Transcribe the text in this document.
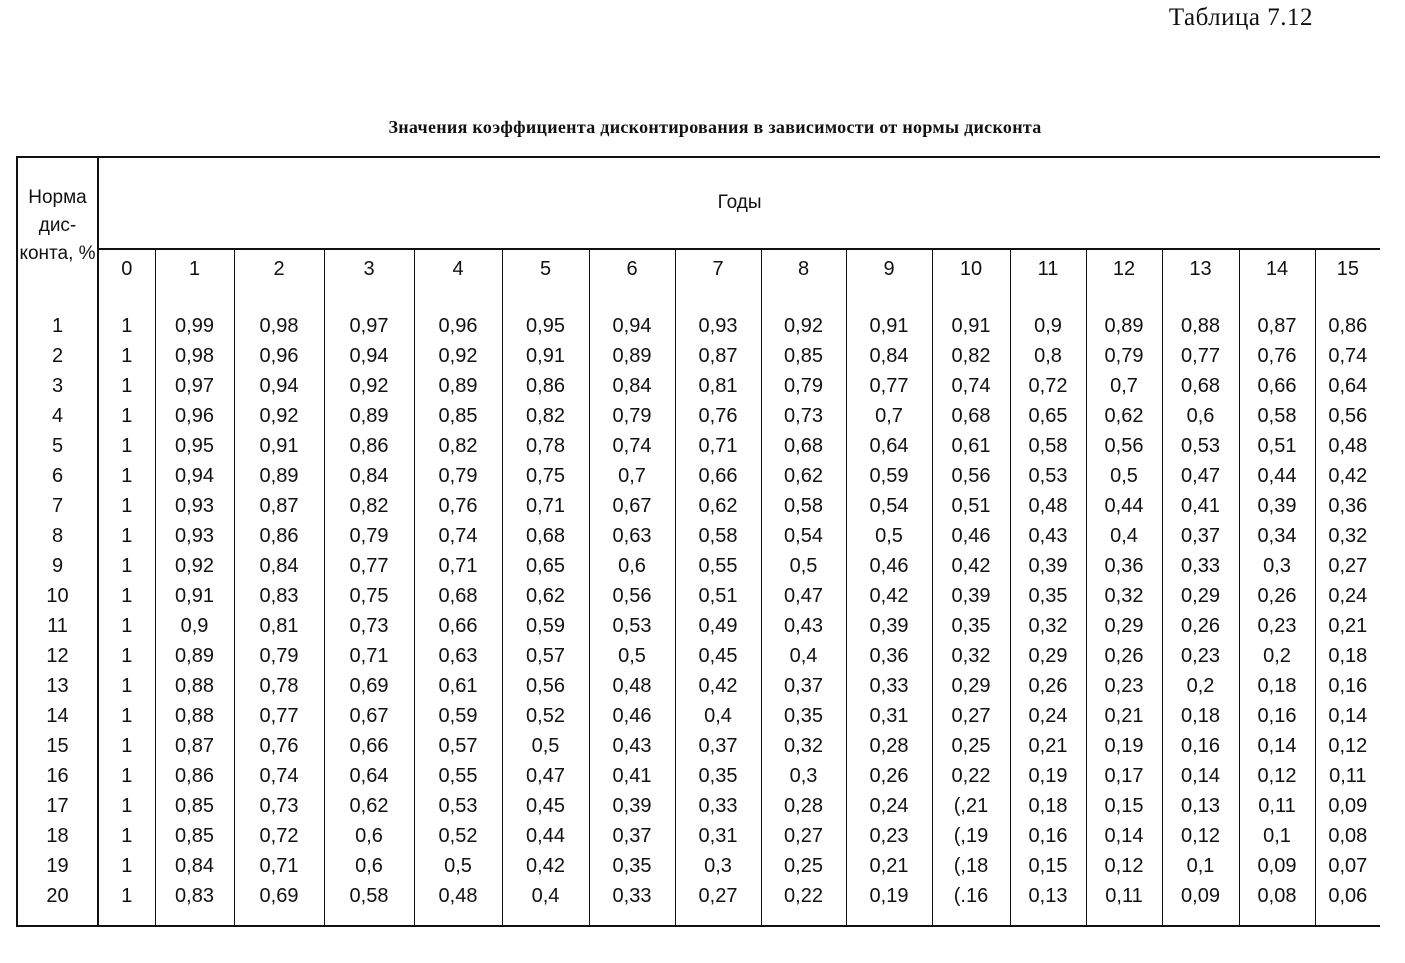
Таблица 7.12
Значения коэффициента дисконтирования в зависимости от нормы дисконта
Норма дис-конта, %	Годы															
	0	1	2	3	4	5	6	7	8	9	10	11	12	13	14	15
1	1	0,99	0,98	0,97	0,96	0,95	0,94	0,93	0,92	0,91	0,91	0,9	0,89	0,88	0,87	0,86
2	1	0,98	0,96	0,94	0,92	0,91	0,89	0,87	0,85	0,84	0,82	0,8	0,79	0,77	0,76	0,74
3	1	0,97	0,94	0,92	0,89	0,86	0,84	0,81	0,79	0,77	0,74	0,72	0,7	0,68	0,66	0,64
4	1	0,96	0,92	0,89	0,85	0,82	0,79	0,76	0,73	0,7	0,68	0,65	0,62	0,6	0,58	0,56
5	1	0,95	0,91	0,86	0,82	0,78	0,74	0,71	0,68	0,64	0,61	0,58	0,56	0,53	0,51	0,48
6	1	0,94	0,89	0,84	0,79	0,75	0,7	0,66	0,62	0,59	0,56	0,53	0,5	0,47	0,44	0,42
7	1	0,93	0,87	0,82	0,76	0,71	0,67	0,62	0,58	0,54	0,51	0,48	0,44	0,41	0,39	0,36
8	1	0,93	0,86	0,79	0,74	0,68	0,63	0,58	0,54	0,5	0,46	0,43	0,4	0,37	0,34	0,32
9	1	0,92	0,84	0,77	0,71	0,65	0,6	0,55	0,5	0,46	0,42	0,39	0,36	0,33	0,3	0,27
10	1	0,91	0,83	0,75	0,68	0,62	0,56	0,51	0,47	0,42	0,39	0,35	0,32	0,29	0,26	0,24
11	1	0,9	0,81	0,73	0,66	0,59	0,53	0,49	0,43	0,39	0,35	0,32	0,29	0,26	0,23	0,21
12	1	0,89	0,79	0,71	0,63	0,57	0,5	0,45	0,4	0,36	0,32	0,29	0,26	0,23	0,2	0,18
13	1	0,88	0,78	0,69	0,61	0,56	0,48	0,42	0,37	0,33	0,29	0,26	0,23	0,2	0,18	0,16
14	1	0,88	0,77	0,67	0,59	0,52	0,46	0,4	0,35	0,31	0,27	0,24	0,21	0,18	0,16	0,14
15	1	0,87	0,76	0,66	0,57	0,5	0,43	0,37	0,32	0,28	0,25	0,21	0,19	0,16	0,14	0,12
16	1	0,86	0,74	0,64	0,55	0,47	0,41	0,35	0,3	0,26	0,22	0,19	0,17	0,14	0,12	0,11
17	1	0,85	0,73	0,62	0,53	0,45	0,39	0,33	0,28	0,24	(,21	0,18	0,15	0,13	0,11	0,09
18	1	0,85	0,72	0,6	0,52	0,44	0,37	0,31	0,27	0,23	(,19	0,16	0,14	0,12	0,1	0,08
19	1	0,84	0,71	0,6	0,5	0,42	0,35	0,3	0,25	0,21	(,18	0,15	0,12	0,1	0,09	0,07
20	1	0,83	0,69	0,58	0,48	0,4	0,33	0,27	0,22	0,19	(.16	0,13	0,11	0,09	0,08	0,06
